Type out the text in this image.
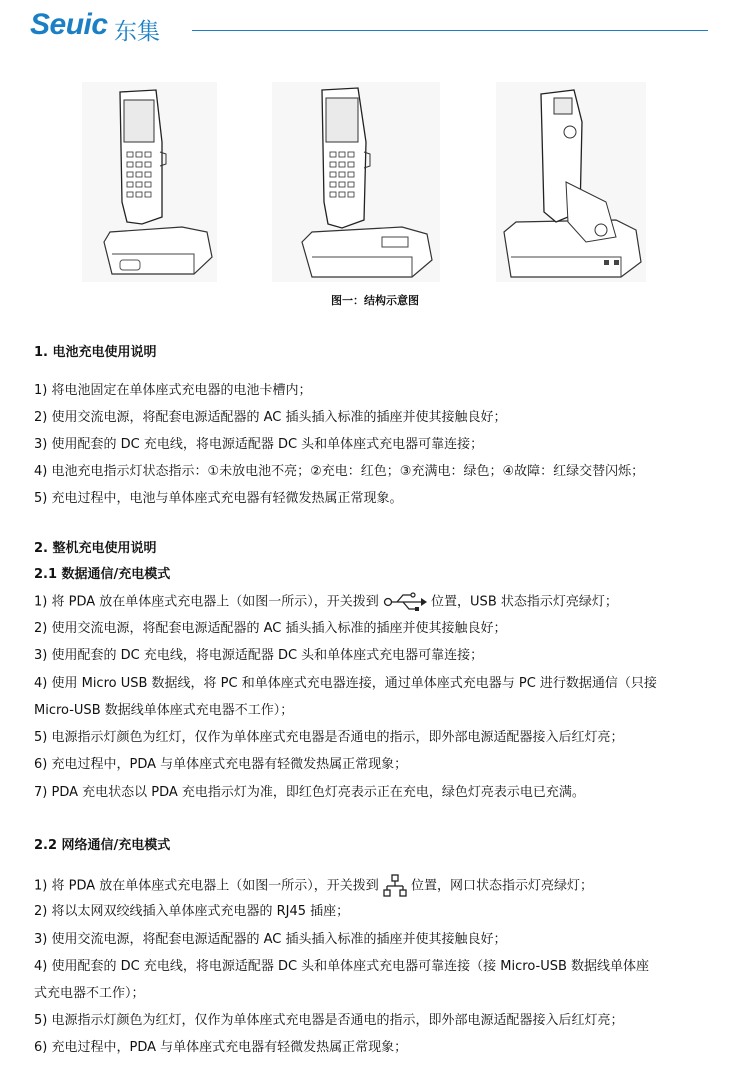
Seuic 东集
图一：结构示意图
1. 电池充电使用说明
1) 将电池固定在单体座式充电器的电池卡槽内；
2) 使用交流电源，将配套电源适配器的 AC 插头插入标准的插座并使其接触良好；
3) 使用配套的 DC 充电线，将电源适配器 DC 头和单体座式充电器可靠连接；
4) 电池充电指示灯状态指示：①未放电池不亮；②充电：红色；③充满电：绿色；④故障：红绿交替闪烁；
5) 充电过程中，电池与单体座式充电器有轻微发热属正常现象。
2. 整机充电使用说明
2.1 数据通信/充电模式
1) 将 PDA 放在单体座式充电器上（如图一所示），开关拨到	位置，USB 状态指示灯亮绿灯；
2) 使用交流电源，将配套电源适配器的 AC 插头插入标准的插座并使其接触良好；
3) 使用配套的 DC 充电线，将电源适配器 DC 头和单体座式充电器可靠连接；
4) 使用 Micro USB 数据线，将 PC 和单体座式充电器连接，通过单体座式充电器与 PC 进行数据通信（只接
Micro-USB 数据线单体座式充电器不工作）；
5) 电源指示灯颜色为红灯，仅作为单体座式充电器是否通电的指示，即外部电源适配器接入后红灯亮；
6) 充电过程中，PDA 与单体座式充电器有轻微发热属正常现象；
7) PDA 充电状态以 PDA 充电指示灯为准，即红色灯亮表示正在充电，绿色灯亮表示电已充满。
2.2 网络通信/充电模式
1) 将 PDA 放在单体座式充电器上（如图一所示），开关拨到 位置，网口状态指示灯亮绿灯；
2) 将以太网双绞线插入单体座式充电器的 RJ45 插座；
3) 使用交流电源，将配套电源适配器的 AC 插头插入标准的插座并使其接触良好；
4) 使用配套的 DC 充电线，将电源适配器 DC 头和单体座式充电器可靠连接（接 Micro-USB 数据线单体座
式充电器不工作）；
5) 电源指示灯颜色为红灯，仅作为单体座式充电器是否通电的指示，即外部电源适配器接入后红灯亮；
6) 充电过程中，PDA 与单体座式充电器有轻微发热属正常现象；
